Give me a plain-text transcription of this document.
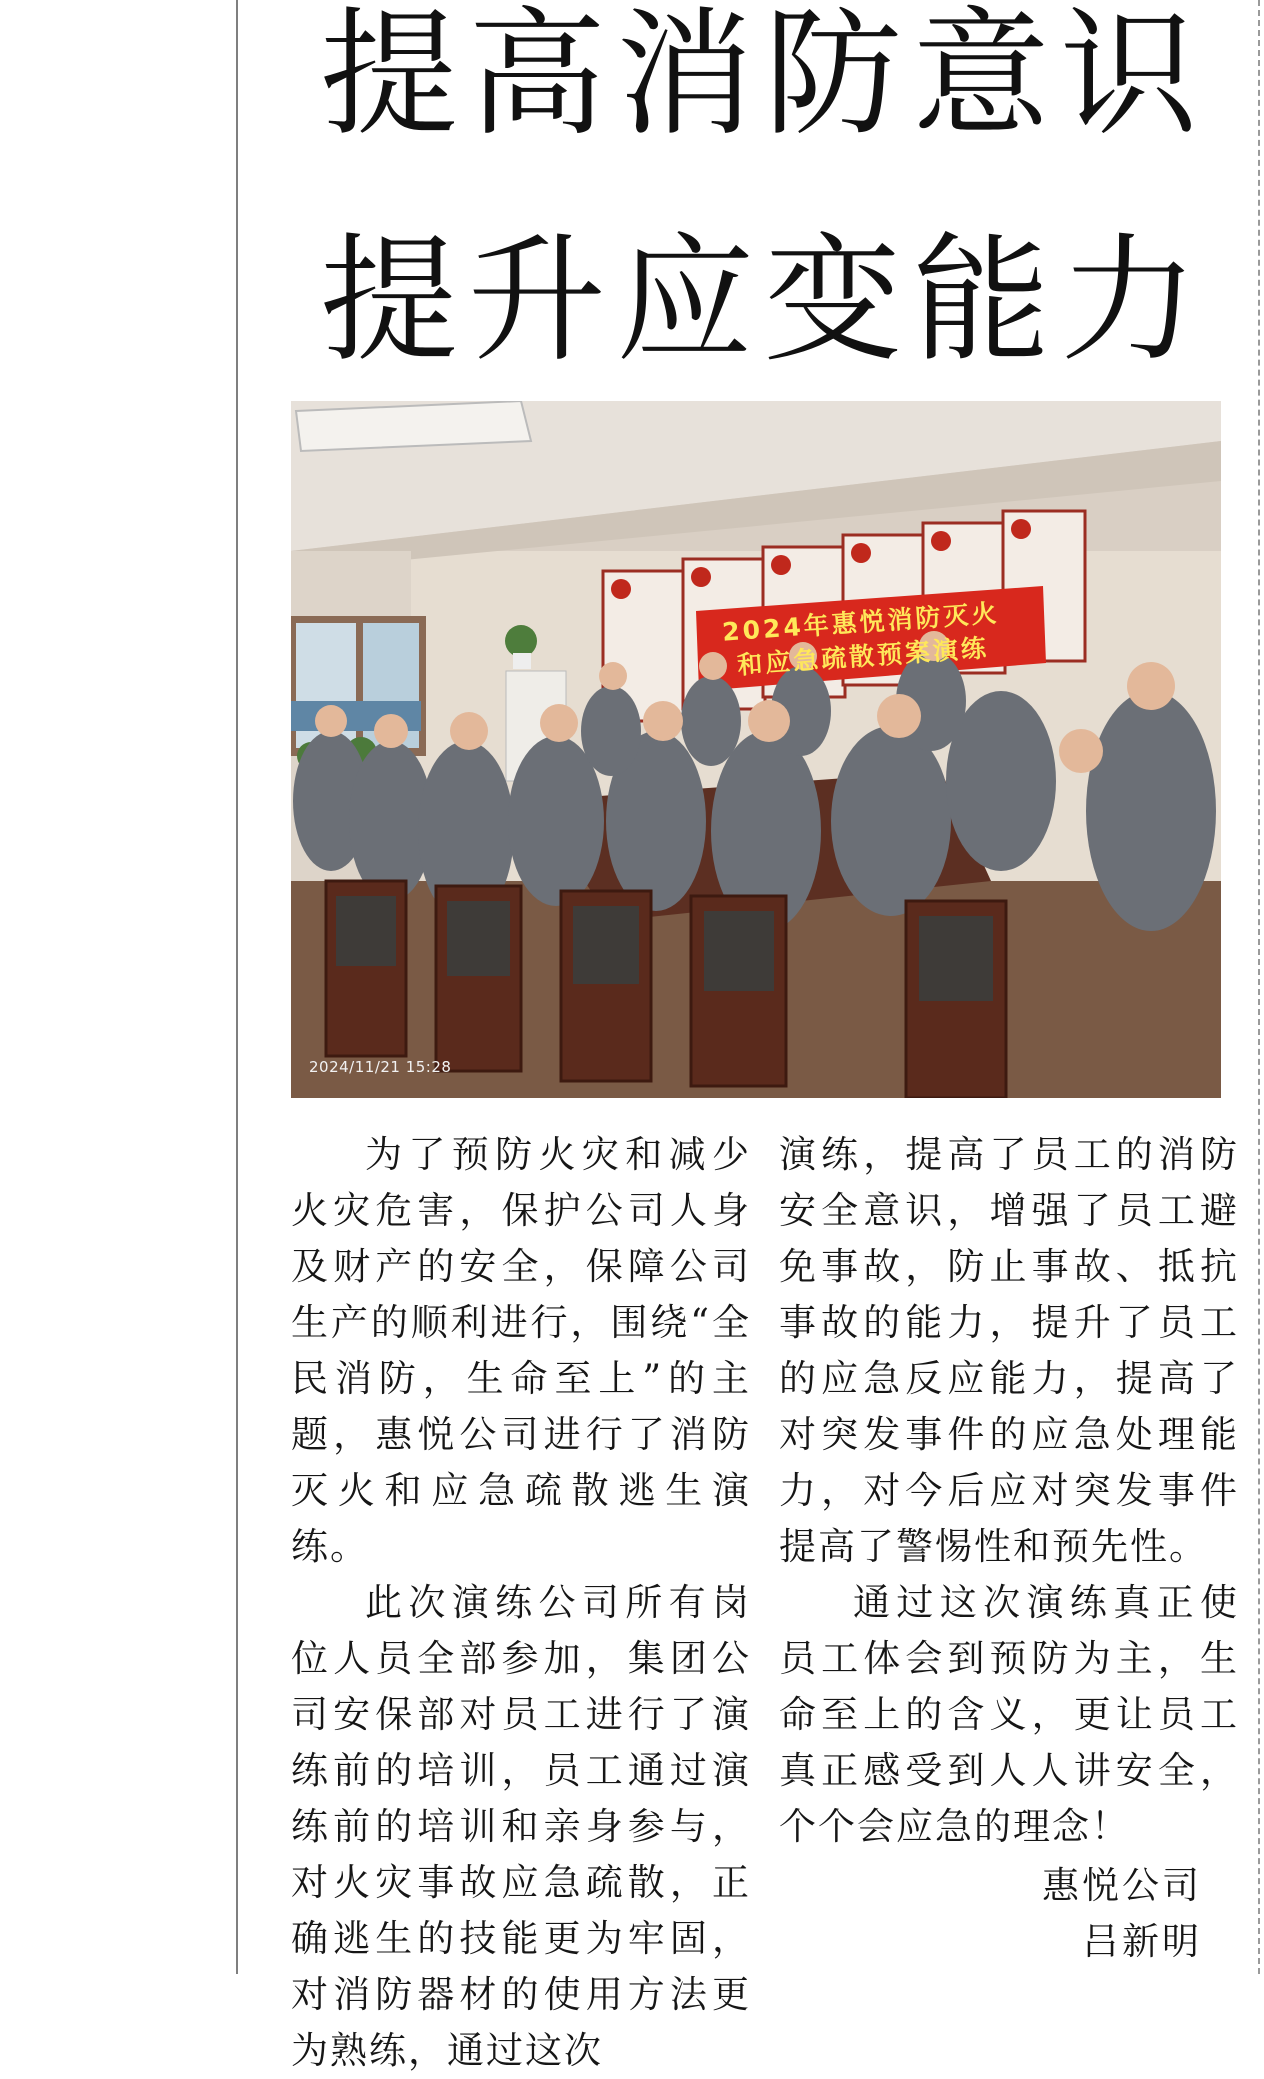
提高消防意识
提升应变能力
2024年惠悦消防灭火
和应急疏散预案演练
2024/11/21 15:28

为了预防火灾和减少火灾危害，保护公司人身及财产的安全，保障公司生产的顺利进行，围绕“全民消防，生命至上”的主题，惠悦公司进行了消防灭火和应急疏散逃生演练。

此次演练公司所有岗位人员全部参加，集团公司安保部对员工进行了演练前的培训，员工通过演练前的培训和亲身参与，对火灾事故应急疏散，正确逃生的技能更为牢固，对消防器材的使用方法更为熟练，通过这次

演练，提高了员工的消防安全意识，增强了员工避免事故，防止事故、抵抗事故的能力，提升了员工的应急反应能力，提高了对突发事件的应急处理能力，对今后应对突发事件提高了警惕性和预先性。

通过这次演练真正使员工体会到预防为主，生命至上的含义，更让员工真正感受到人人讲安全，个个会应急的理念！

惠悦公司
吕新明
